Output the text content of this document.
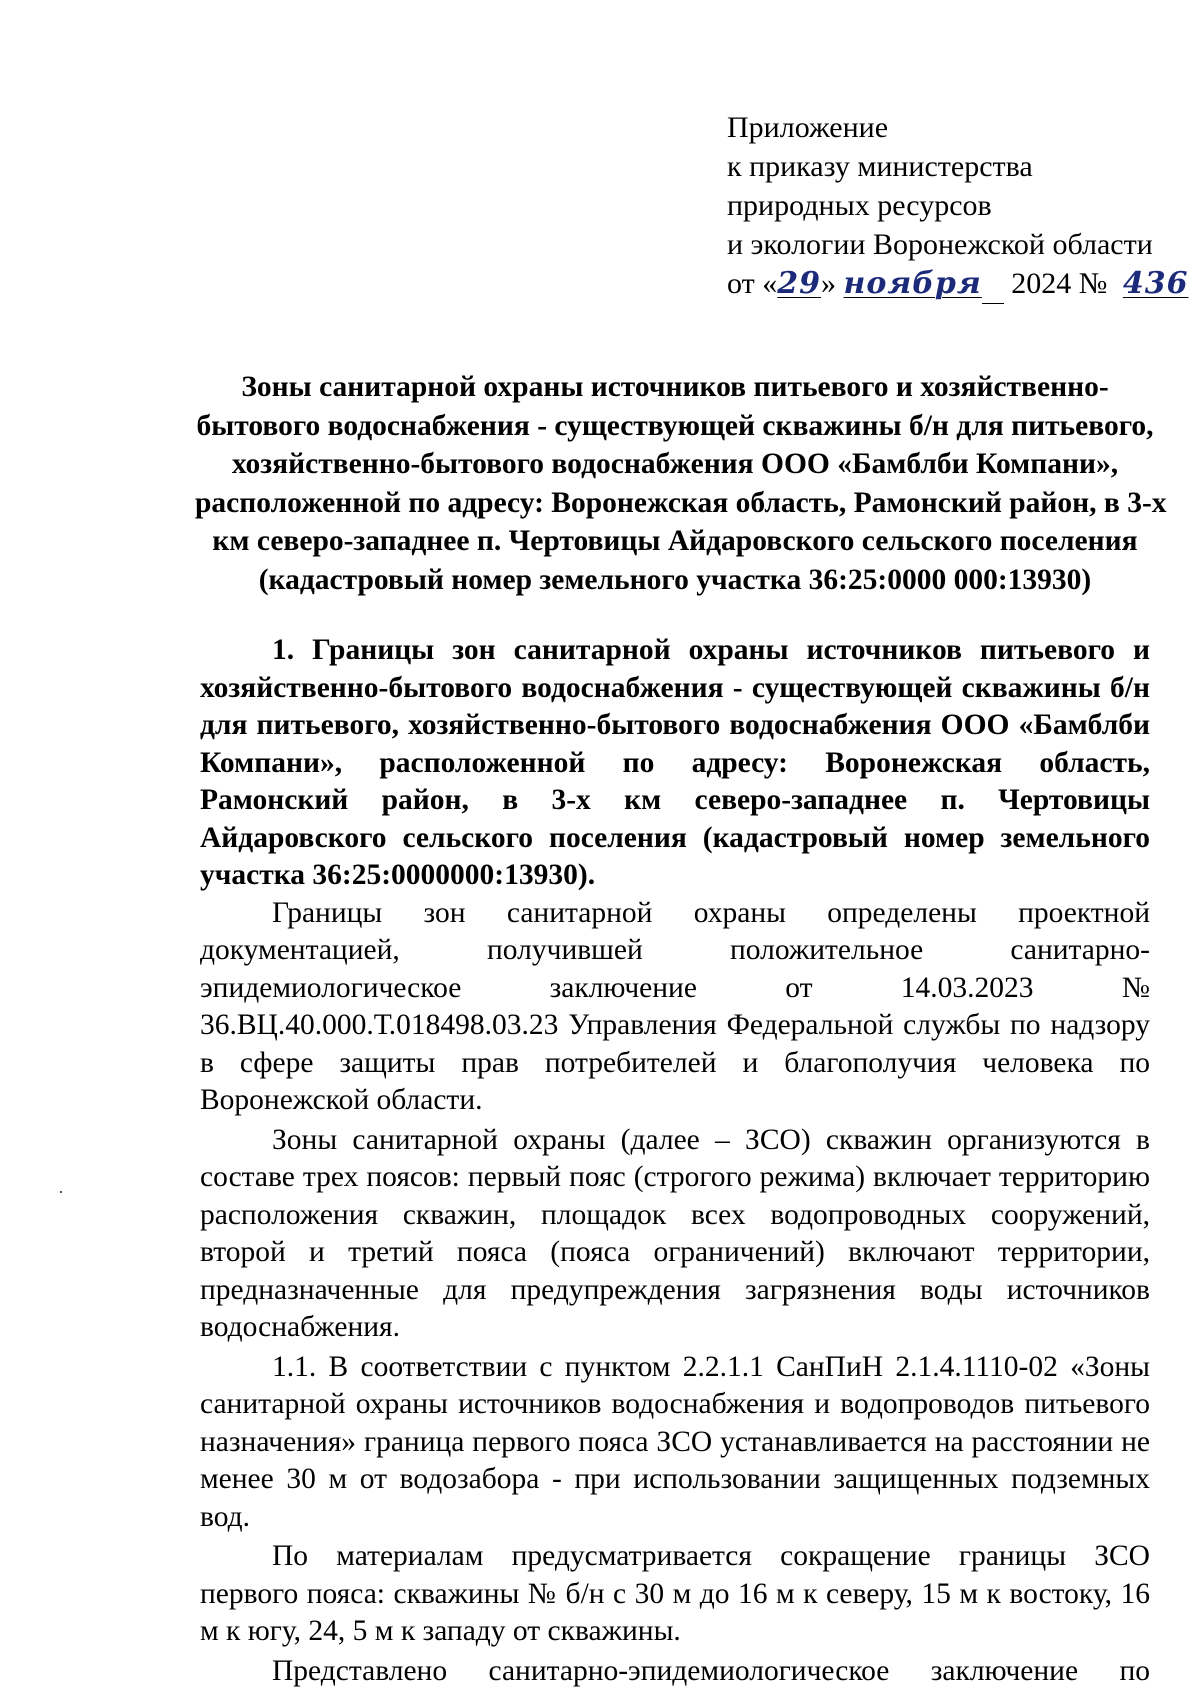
Приложение
к приказу министерства
природных ресурсов
и экологии Воронежской области
от «29» ноября 2024 № 436
Зоны санитарной охраны источников питьевого и хозяйственно-
бытового водоснабжения - существующей скважины б/н для питьевого,
хозяйственно-бытового водоснабжения ООО «Бамблби Компани»,
расположенной по адресу: Воронежская область, Рамонский район, в 3-х
км северо-западнее п. Чертовицы Айдаровского сельского поселения
(кадастровый номер земельного участка 36:25:0000 000:13930)

1. Границы зон санитарной охраны источников питьевого и хозяйственно-бытового водоснабжения - существующей скважины б/н для питьевого, хозяйственно-бытового водоснабжения ООО «Бамблби Компани», расположенной по адресу: Воронежская область, Рамонский район, в 3-х км северо-западнее п. Чертовицы Айдаровского сельского поселения (кадастровый номер земельного участка 36:25:0000000:13930).

Границы зон санитарной охраны определены проектной документацией, получившей положительное санитарно-эпидемиологическое заключение от 14.03.2023 № 36.ВЦ.40.000.Т.018498.03.23 Управления Федеральной службы по надзору в сфере защиты прав потребителей и благополучия человека по Воронежской области.

Зоны санитарной охраны (далее – ЗСО) скважин организуются в составе трех поясов: первый пояс (строгого режима) включает территорию расположения скважин, площадок всех водопроводных сооружений, второй и третий пояса (пояса ограничений) включают территории, предназначенные для предупреждения загрязнения воды источников водоснабжения.

1.1. В соответствии с пунктом 2.2.1.1 СанПиН 2.1.4.1110-02 «Зоны санитарной охраны источников водоснабжения и водопроводов питьевого назначения» граница первого пояса ЗСО устанавливается на расстоянии не менее 30 м от водозабора - при использовании защищенных подземных вод.

По материалам предусматривается сокращение границы ЗСО первого пояса: скважины № б/н с 30 м до 16 м к северу, 15 м к востоку, 16 м к югу, 24, 5 м к западу от скважины.

Представлено санитарно-эпидемиологическое заключение по
